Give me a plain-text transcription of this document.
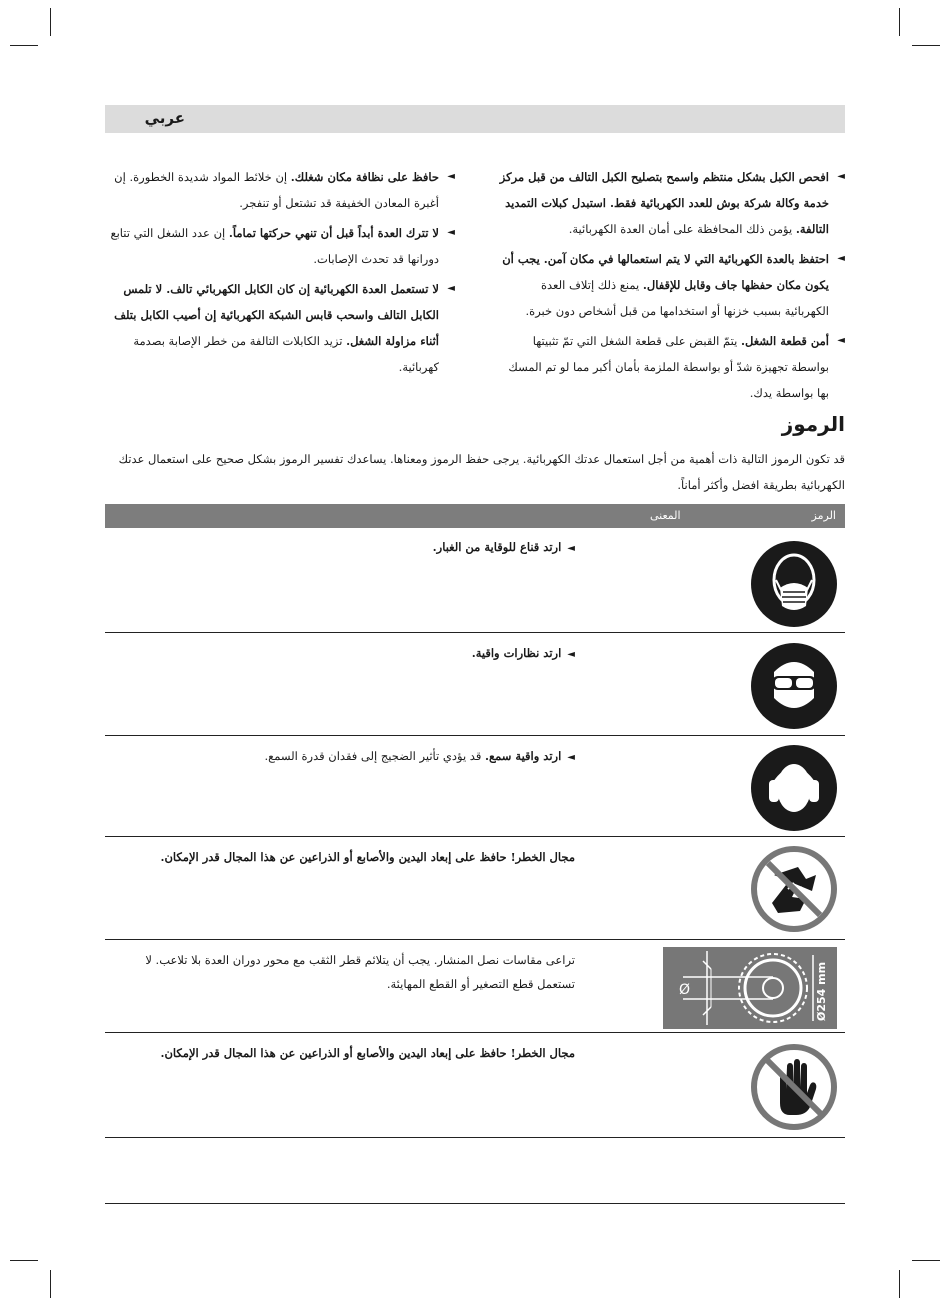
عربي
◄ افحص الكبل بشكل منتظم واسمح بتصليح الكبل التالف من قبل مركز خدمة وكالة شركة بوش للعدد الكهربائية فقط. استبدل كبلات التمديد التالفة. يؤمن ذلك المحافظة على أمان العدة الكهربائية.
◄ احتفظ بالعدة الكهربائية التي لا يتم استعمالها في مكان آمن. يجب أن يكون مكان حفظها جاف وقابل للإقفال. يمنع ذلك إتلاف العدة الكهربائية بسبب خزنها أو استخدامها من قبل أشخاص دون خبرة.
◄ أمن قطعة الشغل. يتمّ القبض على قطعة الشغل التي تمّ تثبيتها بواسطة تجهيزة شدّ أو بواسطة الملزمة بأمان أكبر مما لو تم المسك بها بواسطة يدك.
◄ حافظ على نظافة مكان شغلك. إن خلائط المواد شديدة الخطورة. إن أغبرة المعادن الخفيفة قد تشتعل أو تنفجر.
◄ لا تترك العدة أبداً قبل أن تنهي حركتها تماماً. إن عدد الشغل التي تتابع دورانها قد تحدث الإصابات.
◄ لا تستعمل العدة الكهربائية إن كان الكابل الكهربائي تالف. لا تلمس الكابل التالف واسحب قابس الشبكة الكهربائية إن أصيب الكابل بتلف أثناء مزاولة الشغل. تزيد الكابلات التالفة من خطر الإصابة بصدمة كهربائية.
الرموز
قد تكون الرموز التالية ذات أهمية من أجل استعمال عدتك الكهربائية. يرجى حفظ الرموز ومعناها. يساعدك تفسير الرموز بشكل صحيح على استعمال عدتك الكهربائية بطريقة افضل وأكثر أماناً.
الرمز
المعنى
◄ارتد قناع للوقاية من الغبار.
◄ارتد نظارات واقية.
◄ارتد واقية سمع. قد يؤدي تأثير الضجيج إلى فقدان قدرة السمع.
مجال الخطر! حافظ على إبعاد اليدين والأصابع أو الذراعين عن هذا المجال قدر الإمكان.
تراعى مقاسات نصل المنشار. يجب أن يتلائم قطر الثقب مع محور دوران العدة بلا تلاعب. لا تستعمل قطع التصغير أو القطع المهايئة.	Ø	Ø254 mm
مجال الخطر! حافظ على إبعاد اليدين والأصابع أو الذراعين عن هذا المجال قدر الإمكان.
